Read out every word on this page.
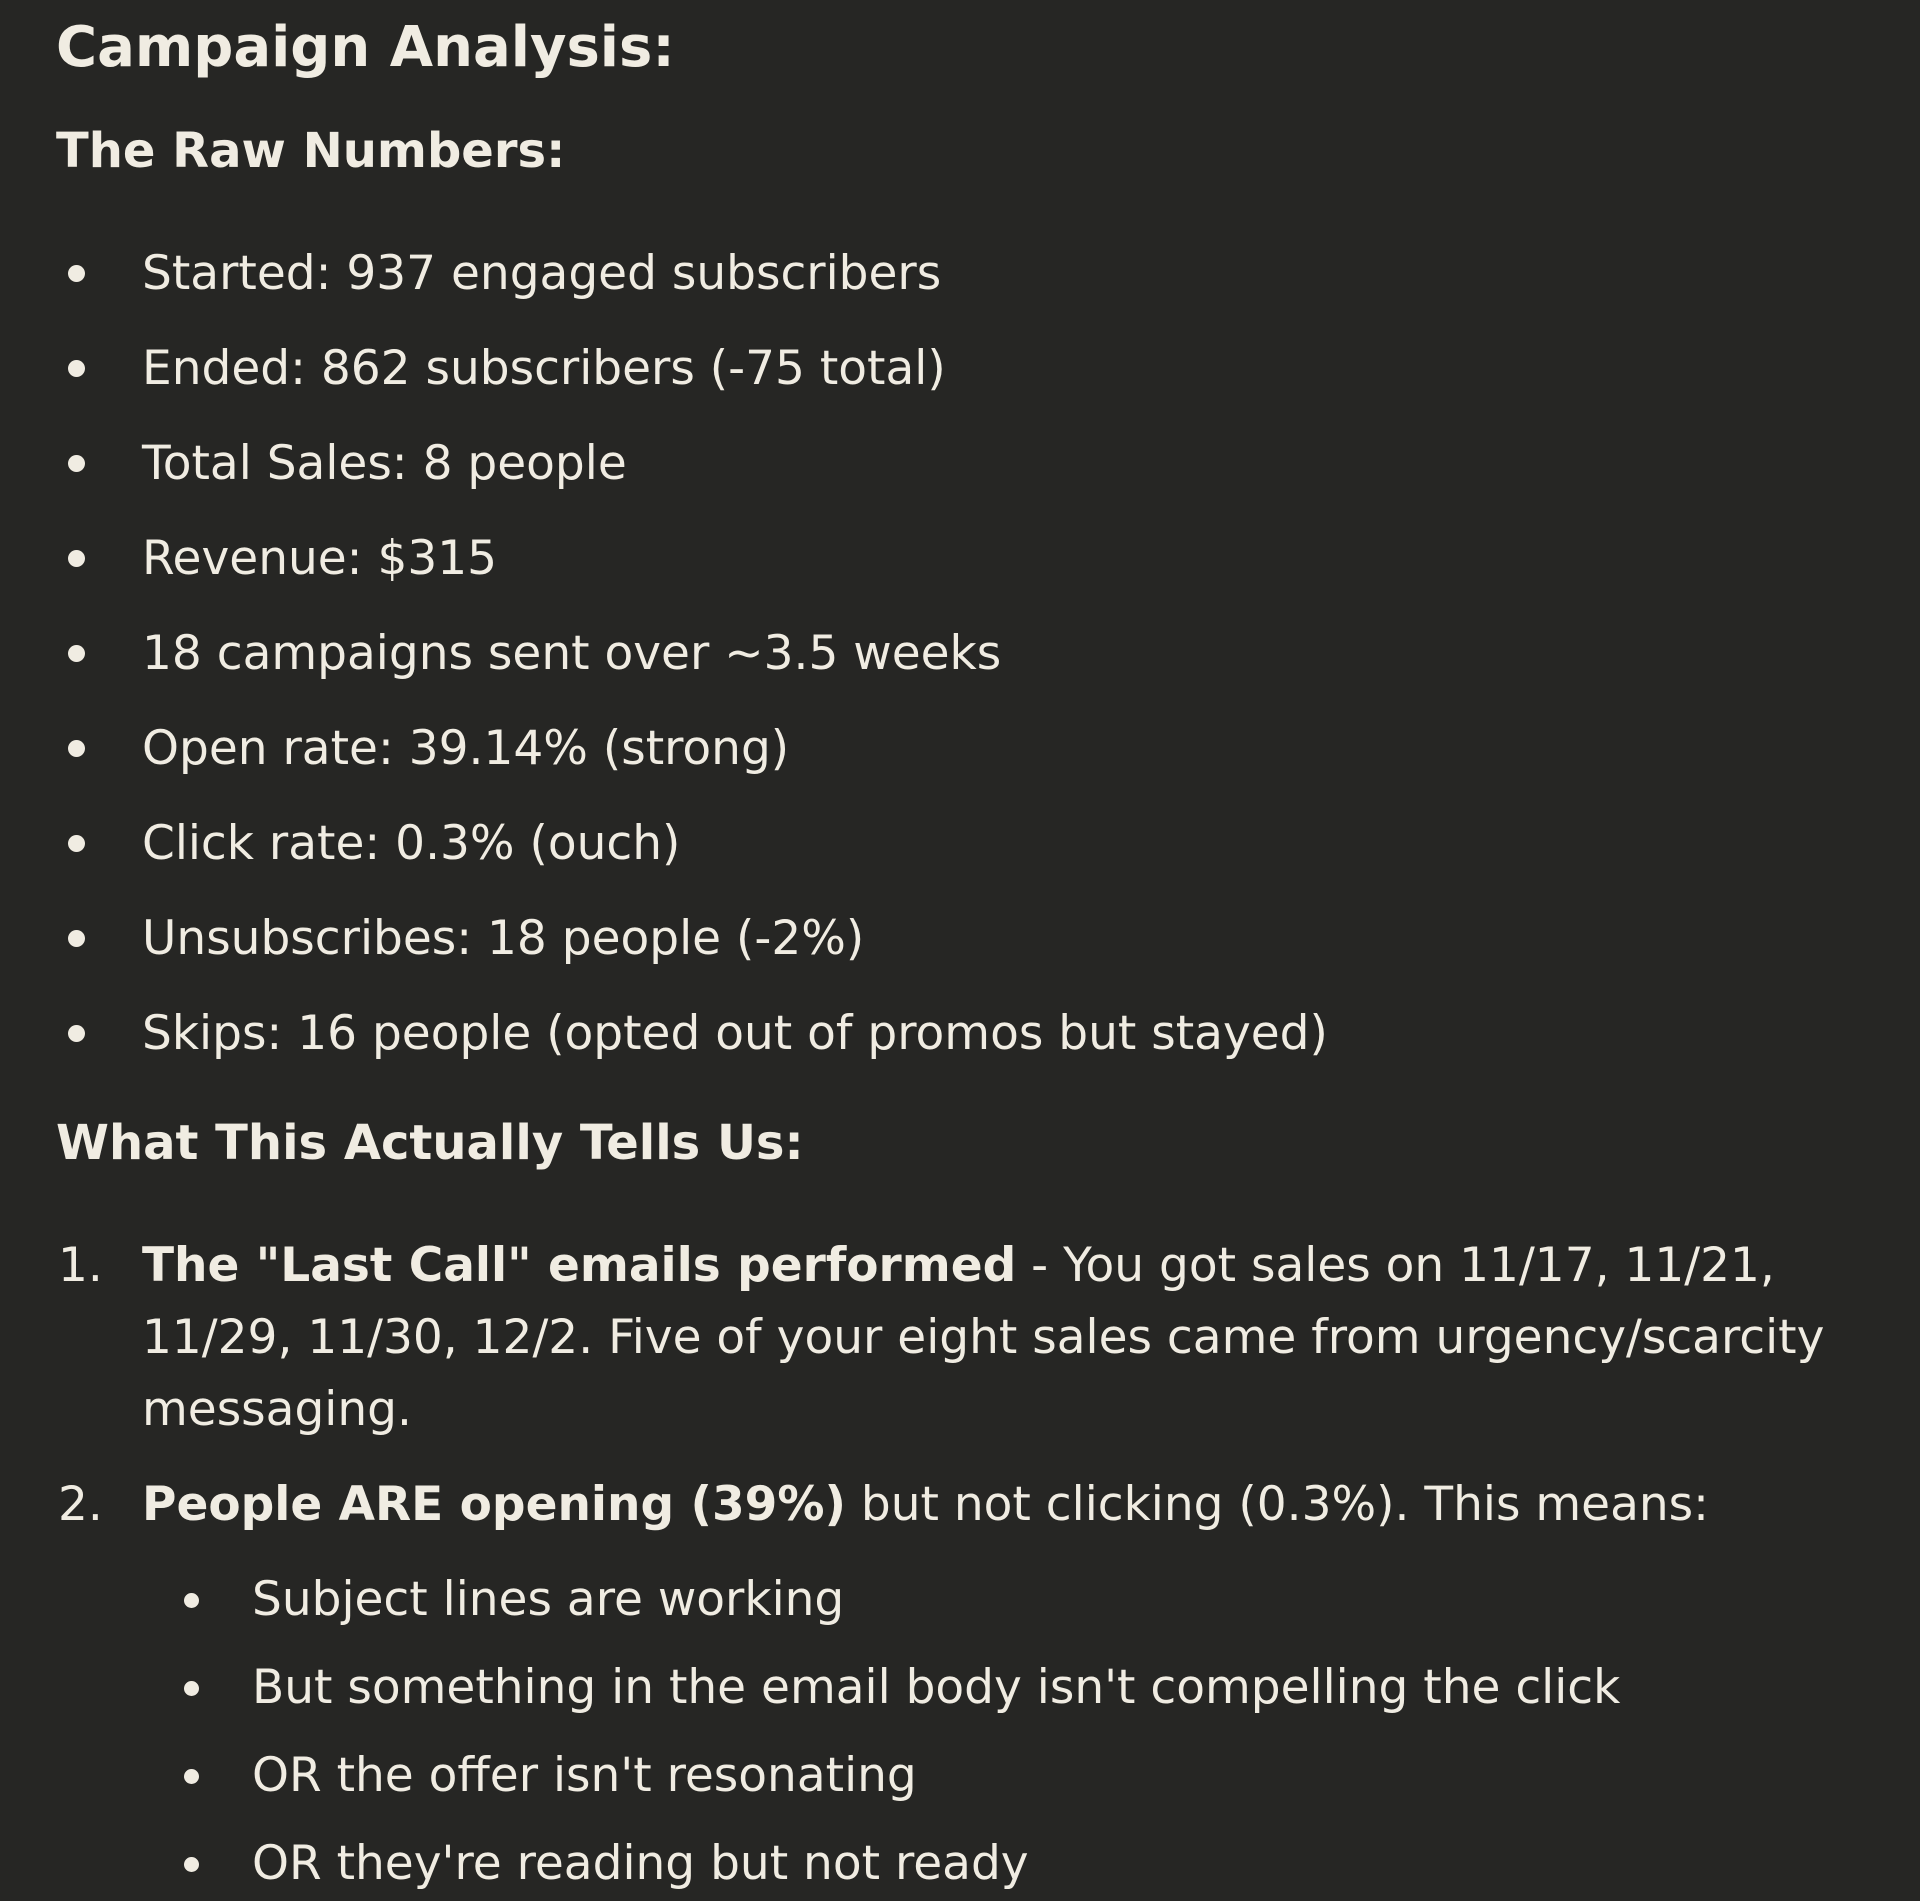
Campaign Analysis:
The Raw Numbers:
Started: 937 engaged subscribers
Ended: 862 subscribers (-75 total)
Total Sales: 8 people
Revenue: $315
18 campaigns sent over ~3.5 weeks
Open rate: 39.14% (strong)
Click rate: 0.3% (ouch)
Unsubscribes: 18 people (-2%)
Skips: 16 people (opted out of promos but stayed)
What This Actually Tells Us:
1. The "Last Call" emails performed - You got sales on 11/17, 11/21, 11/29, 11/30, 12/2. Five of your eight sales came from urgency/scarcity messaging.
2. People ARE opening (39%) but not clicking (0.3%). This means:
Subject lines are working
But something in the email body isn't compelling the click
OR the offer isn't resonating
OR they're reading but not ready
